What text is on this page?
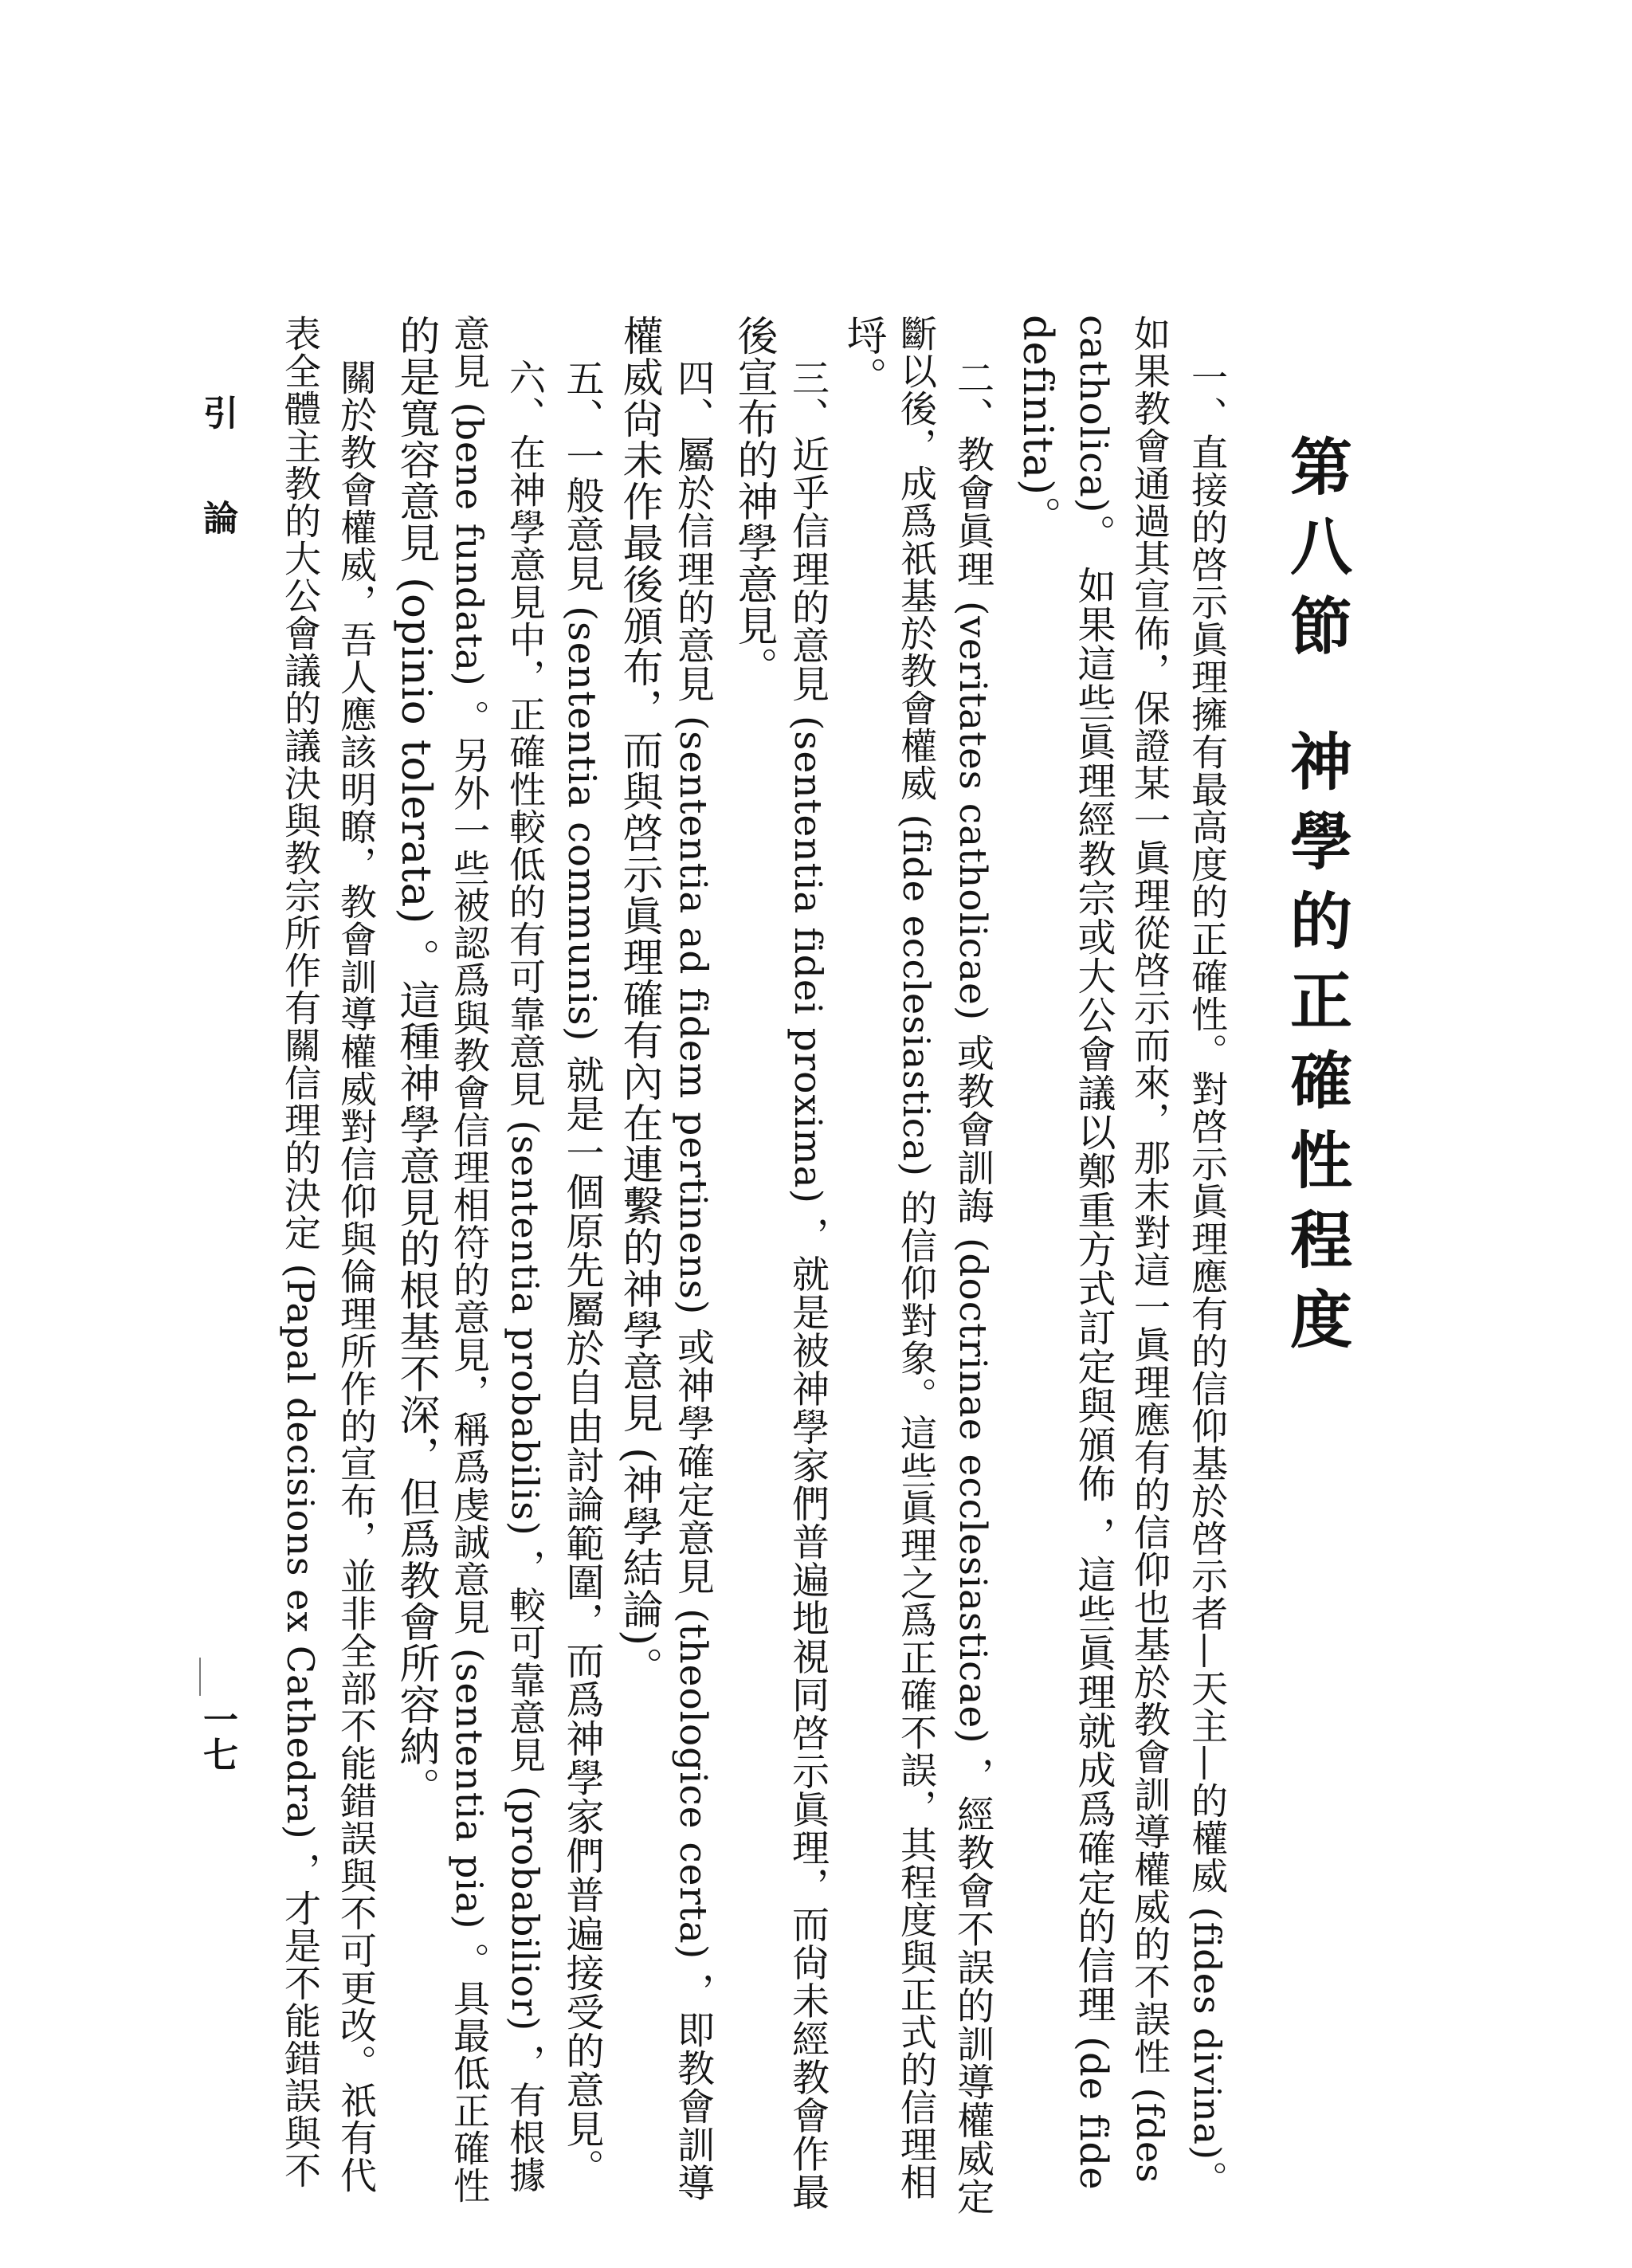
第八節神學的正確性程度

一、直接的啓示眞理擁有最高度的正確性。對啓示眞理應有的信仰基於啓示者—天主—的權威 (fides divina)。

如果教會通過其宣佈，保證某一眞理從啓示而來，那末對這一眞理應有的信仰也基於教會訓導權威的不誤性 (fdes

catholica)。 如果這些眞理經教宗或大公會議以鄭重方式訂定與頒佈 ，這些眞理就成爲確定的信理 (de fide

definita)。

二、教會眞理 (veritates catholicae) 或教會訓誨 (doctrinae ecclesiasticae) ，經教會不誤的訓導權威定

斷以後，成爲祇基於教會權威 (fide ecclesiastica) 的信仰對象。這些眞理之爲正確不誤，其程度與正式的信理相

埒。

三、近乎信理的意見 (sententia fidei proxima) ，就是被神學家們普遍地視同啓示眞理，而尙未經教會作最

後宣布的神學意見。

四、屬於信理的意見 (sententia ad fidem pertinens) 或神學確定意見 (theologice certa) ，即教會訓導

權威尙未作最後頒布，而與啓示眞理確有內在連繫的神學意見 (神學結論)。

五、一般意見 (sententia communis) 就是一個原先屬於自由討論範圍，而爲神學家們普遍接受的意見。

六、在神學意見中，正確性較低的有可靠意見 (sententia probabilis) ，較可靠意見 (probabilior) ，有根據

意見 (bene fundata) 。另外一些被認爲與教會信理相符的意見，稱爲虔誠意見 (sententia pia) 。具最低正確性

的是寬容意見 (opinio tolerata) 。這種神學意見的根基不深，但爲教會所容納。

關於教會權威，吾人應該明瞭，教會訓導權威對信仰與倫理所作的宣布，並非全部不能錯誤與不可更改。祇有代

表全體主教的大公會議的議決與教宗所作有關信理的決定 (Papal decisions ex Cathedra) ，才是不能錯誤與不

引　　論
一七
